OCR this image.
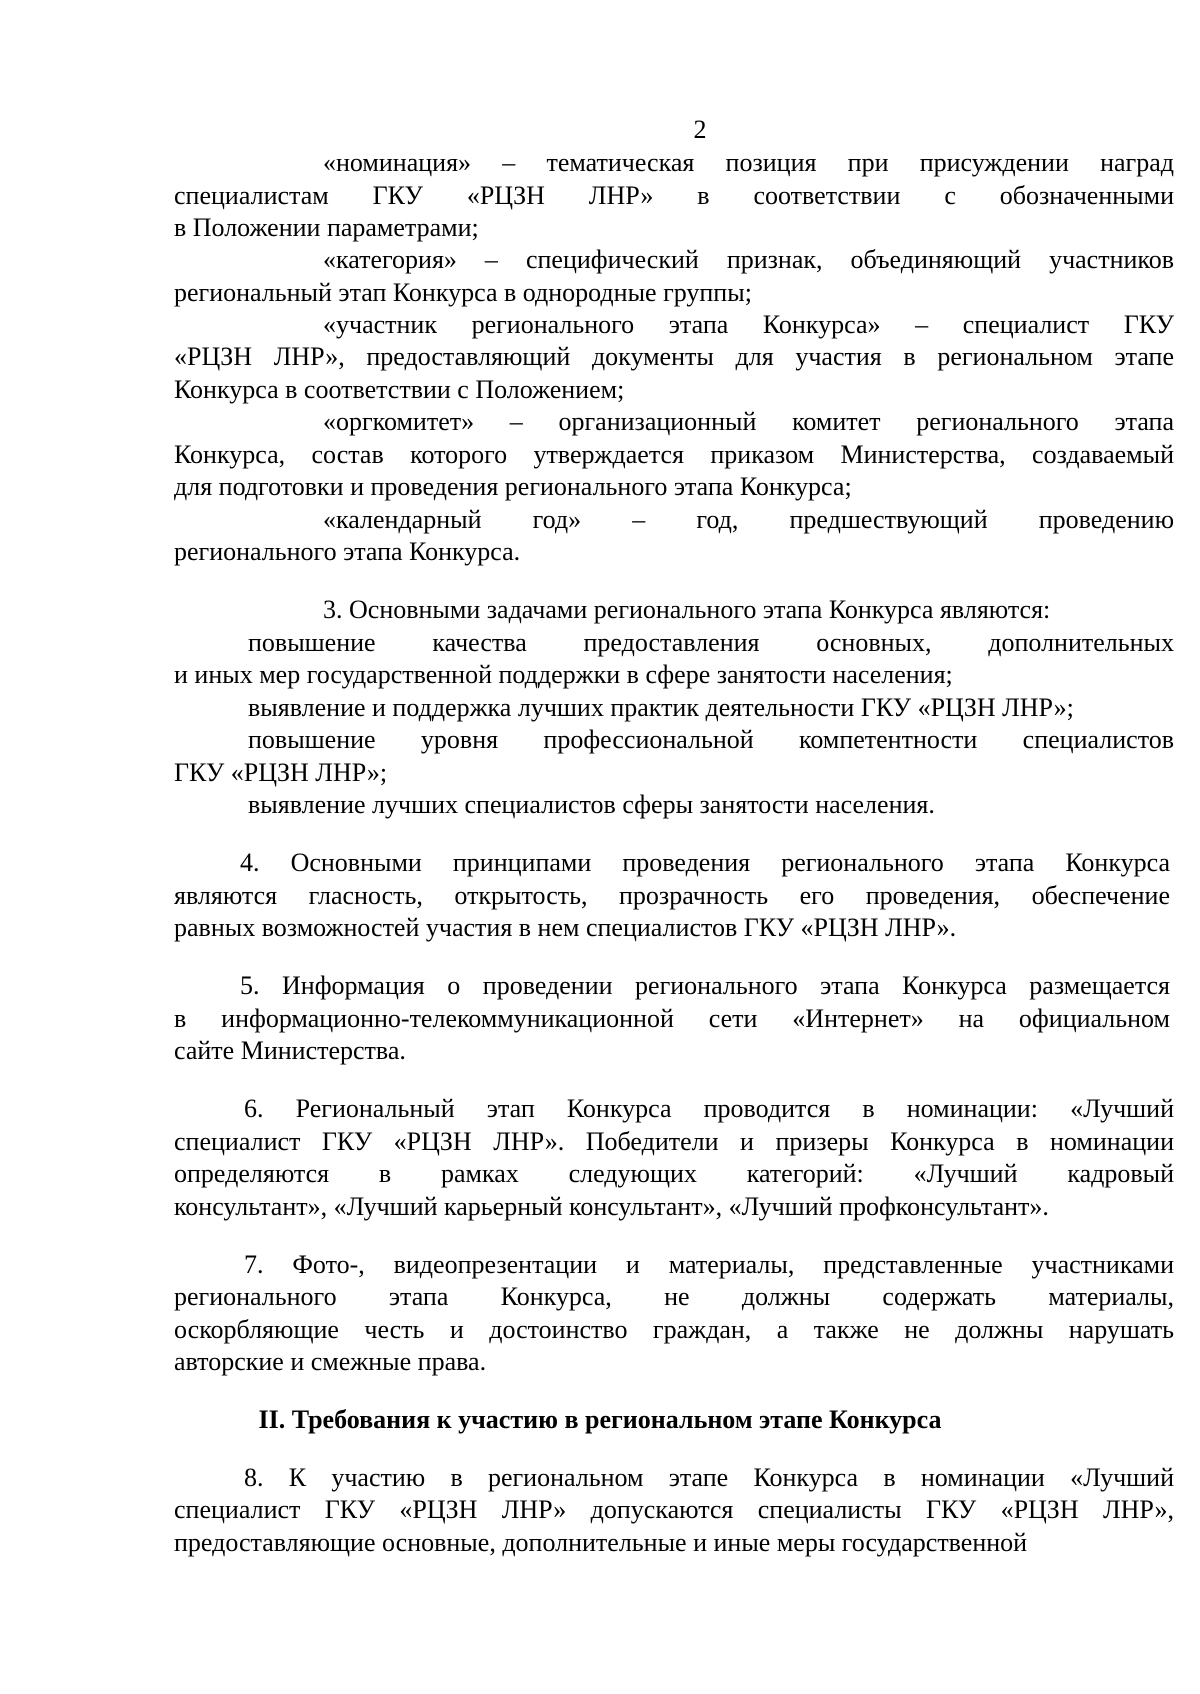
2
«номинация» – тематическая позиция при присуждении наград
специалистам ГКУ «РЦЗН ЛНР» в соответствии с обозначенными
в Положении параметрами;
«категория» – специфический признак, объединяющий участников
региональный этап Конкурса в однородные группы;
«участник регионального этапа Конкурса» – специалист ГКУ
«РЦЗН ЛНР», предоставляющий документы для участия в региональном этапе
Конкурса в соответствии с Положением;
«оргкомитет» – организационный комитет регионального этапа
Конкурса, состав которого утверждается приказом Министерства, создаваемый
для подготовки и проведения регионального этапа Конкурса;
«календарный год» – год, предшествующий проведению
регионального этапа Конкурса.
3. Основными задачами регионального этапа Конкурса являются:
повышение качества предоставления основных, дополнительных
и иных мер государственной поддержки в сфере занятости населения;
выявление и поддержка лучших практик деятельности ГКУ «РЦЗН ЛНР»;
повышение уровня профессиональной компетентности специалистов
ГКУ «РЦЗН ЛНР»;
выявление лучших специалистов сферы занятости населения.
4. Основными принципами проведения регионального этапа Конкурса
являются гласность, открытость, прозрачность его проведения, обеспечение
равных возможностей участия в нем специалистов ГКУ «РЦЗН ЛНР».
5. Информация о проведении регионального этапа Конкурса размещается
в информационно-телекоммуникационной сети «Интернет» на официальном
сайте Министерства.
6. Региональный этап Конкурса проводится в номинации: «Лучший
специалист ГКУ «РЦЗН ЛНР». Победители и призеры Конкурса в номинации
определяются в рамках следующих категорий: «Лучший кадровый
консультант», «Лучший карьерный консультант», «Лучший профконсультант».
7. Фото-, видеопрезентации и материалы, представленные участниками
регионального этапа Конкурса, не должны содержать материалы,
оскорбляющие честь и достоинство граждан, а также не должны нарушать
авторские и смежные права.
II. Требования к участию в региональном этапе Конкурса
8. К участию в региональном этапе Конкурса в номинации «Лучший
специалист ГКУ «РЦЗН ЛНР» допускаются специалисты ГКУ «РЦЗН ЛНР»,
предоставляющие основные, дополнительные и иные меры государственной
